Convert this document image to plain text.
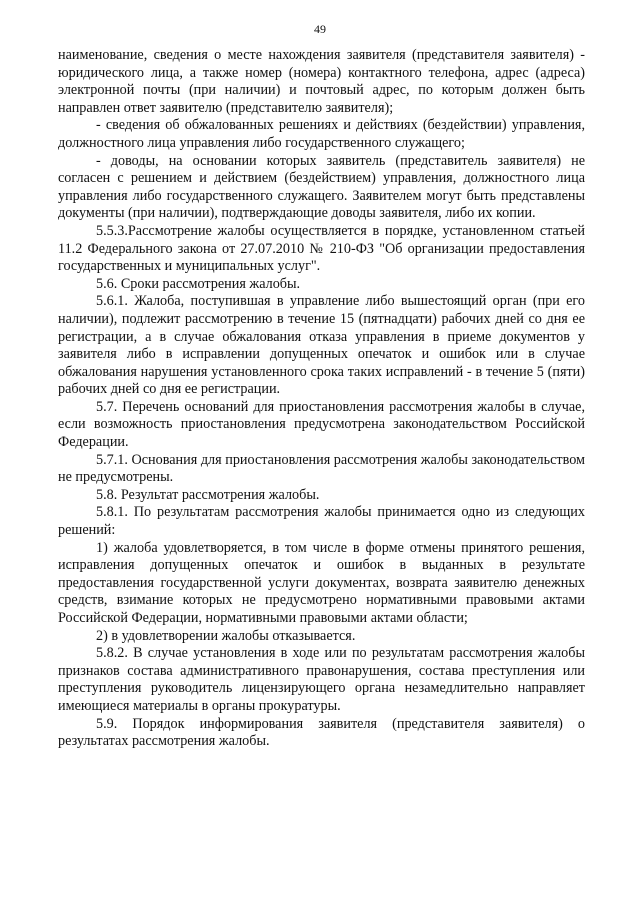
49

наименование, сведения о месте нахождения заявителя (представителя заявителя) - юридического лица, а также номер (номера) контактного телефона, адрес (адреса) электронной почты (при наличии) и почтовый адрес, по которым должен быть направлен ответ заявителю (представителю заявителя);

- сведения об обжалованных решениях и действиях (бездействии) управления, должностного лица управления либо государственного служащего;

- доводы, на основании которых заявитель (представитель заявителя) не согласен с решением и действием (бездействием) управления, должностного лица управления либо государственного служащего. Заявителем могут быть представлены документы (при наличии), подтверждающие доводы заявителя, либо их копии.

5.5.3.Рассмотрение жалобы осуществляется в порядке, установленном статьей 11.2 Федерального закона от 27.07.2010 № 210-ФЗ "Об организации предоставления государственных и муниципальных услуг".

5.6. Сроки рассмотрения жалобы.

5.6.1. Жалоба, поступившая в управление либо вышестоящий орган (при его наличии), подлежит рассмотрению в течение 15 (пятнадцати) рабочих дней со дня ее регистрации, а в случае обжалования отказа управления в приеме документов у заявителя либо в исправлении допущенных опечаток и ошибок или в случае обжалования нарушения установленного срока таких исправлений - в течение 5 (пяти) рабочих дней со дня ее регистрации.

5.7. Перечень оснований для приостановления рассмотрения жалобы в случае, если возможность приостановления предусмотрена законодательством Российской Федерации.

5.7.1. Основания для приостановления рассмотрения жалобы законодательством не предусмотрены.

5.8. Результат рассмотрения жалобы.

5.8.1. По результатам рассмотрения жалобы принимается одно из следующих решений:

1) жалоба удовлетворяется, в том числе в форме отмены принятого решения, исправления допущенных опечаток и ошибок в выданных в результате предоставления государственной услуги документах, возврата заявителю денежных средств, взимание которых не предусмотрено нормативными правовыми актами Российской Федерации, нормативными правовыми актами области;

2) в удовлетворении жалобы отказывается.

5.8.2. В случае установления в ходе или по результатам рассмотрения жалобы признаков состава административного правонарушения, состава преступления или преступления руководитель лицензирующего органа незамедлительно направляет имеющиеся материалы в органы прокуратуры.

5.9. Порядок информирования заявителя (представителя заявителя) о результатах рассмотрения жалобы.
